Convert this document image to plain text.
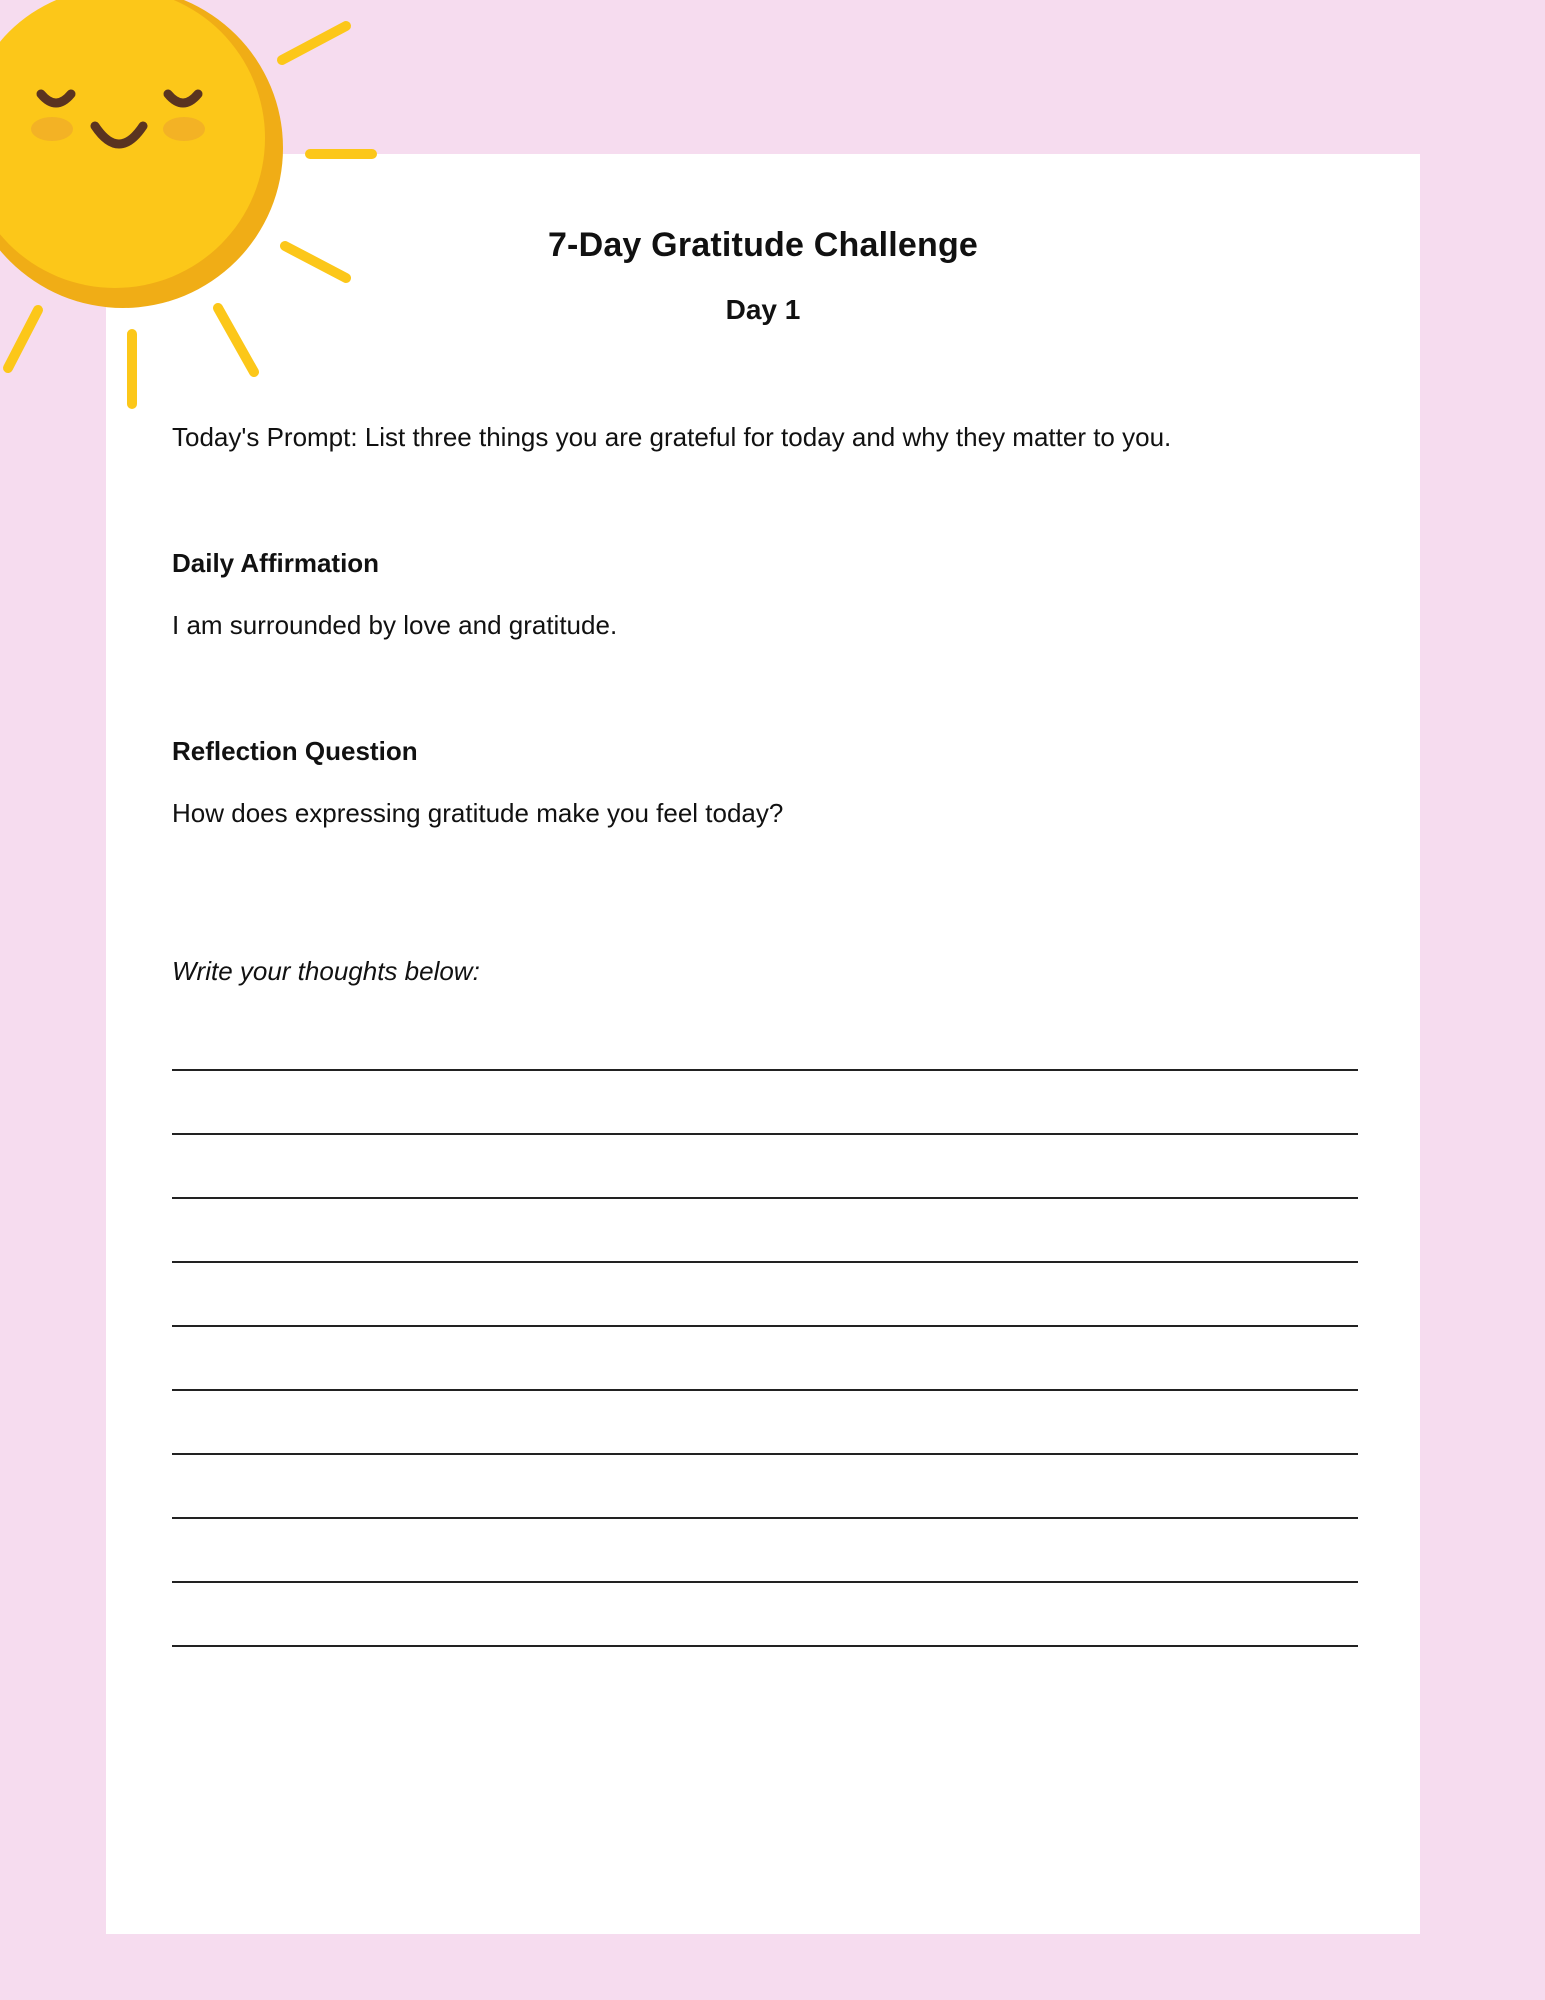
7-Day Gratitude Challenge
Day 1

Today's Prompt: List three things you are grateful for today and why they matter to you.

Daily Affirmation

I am surrounded by love and gratitude.

Reflection Question

How does expressing gratitude make you feel today?

Write your thoughts below:
